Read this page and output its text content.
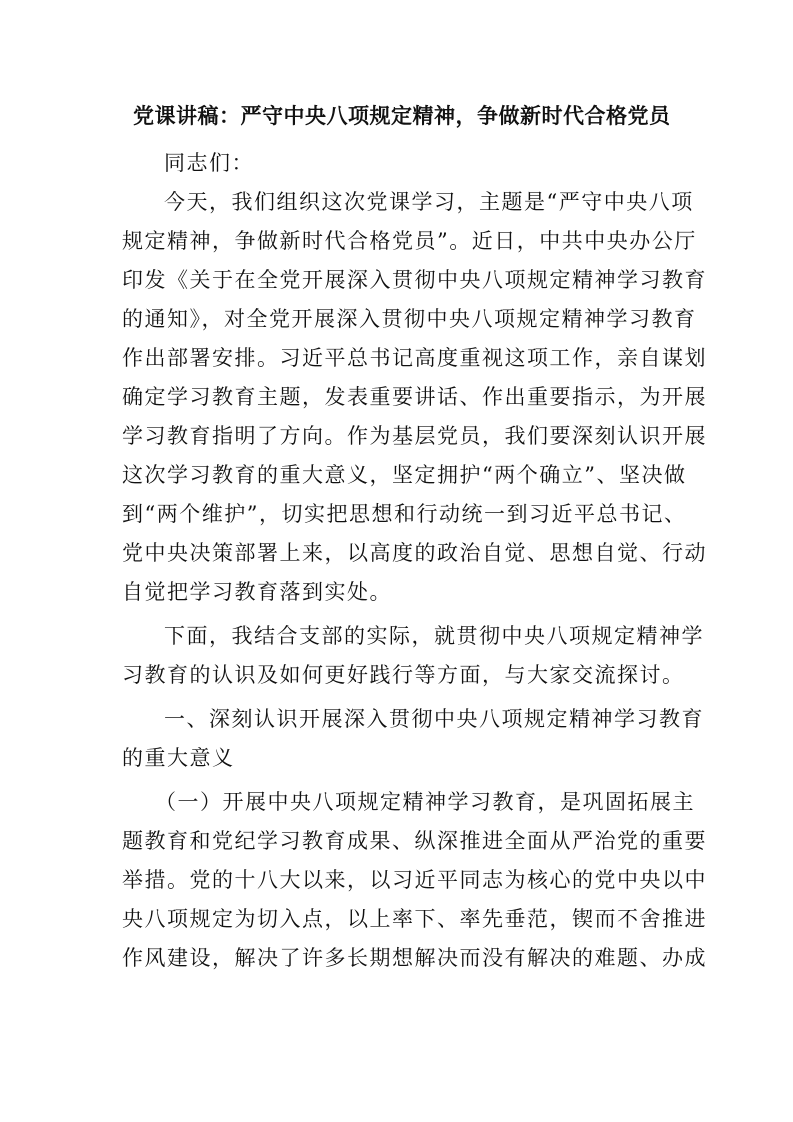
党课讲稿：严守中央八项规定精神，争做新时代合格党员
同志们：
今天，我们组织这次党课学习，主题是“严守中央八项
规定精神，争做新时代合格党员”。近日，中共中央办公厅
印发《关于在全党开展深入贯彻中央八项规定精神学习教育
的通知》，对全党开展深入贯彻中央八项规定精神学习教育
作出部署安排。习近平总书记高度重视这项工作，亲自谋划
确定学习教育主题，发表重要讲话、作出重要指示，为开展
学习教育指明了方向。作为基层党员，我们要深刻认识开展
这次学习教育的重大意义，坚定拥护“两个确立”、坚决做
到“两个维护”，切实把思想和行动统一到习近平总书记、
党中央决策部署上来，以高度的政治自觉、思想自觉、行动
自觉把学习教育落到实处。
下面，我结合支部的实际，就贯彻中央八项规定精神学
习教育的认识及如何更好践行等方面，与大家交流探讨。
一、深刻认识开展深入贯彻中央八项规定精神学习教育
的重大意义
（一）开展中央八项规定精神学习教育，是巩固拓展主
题教育和党纪学习教育成果、纵深推进全面从严治党的重要
举措。党的十八大以来，以习近平同志为核心的党中央以中
央八项规定为切入点，以上率下、率先垂范，锲而不舍推进
作风建设，解决了许多长期想解决而没有解决的难题、办成
